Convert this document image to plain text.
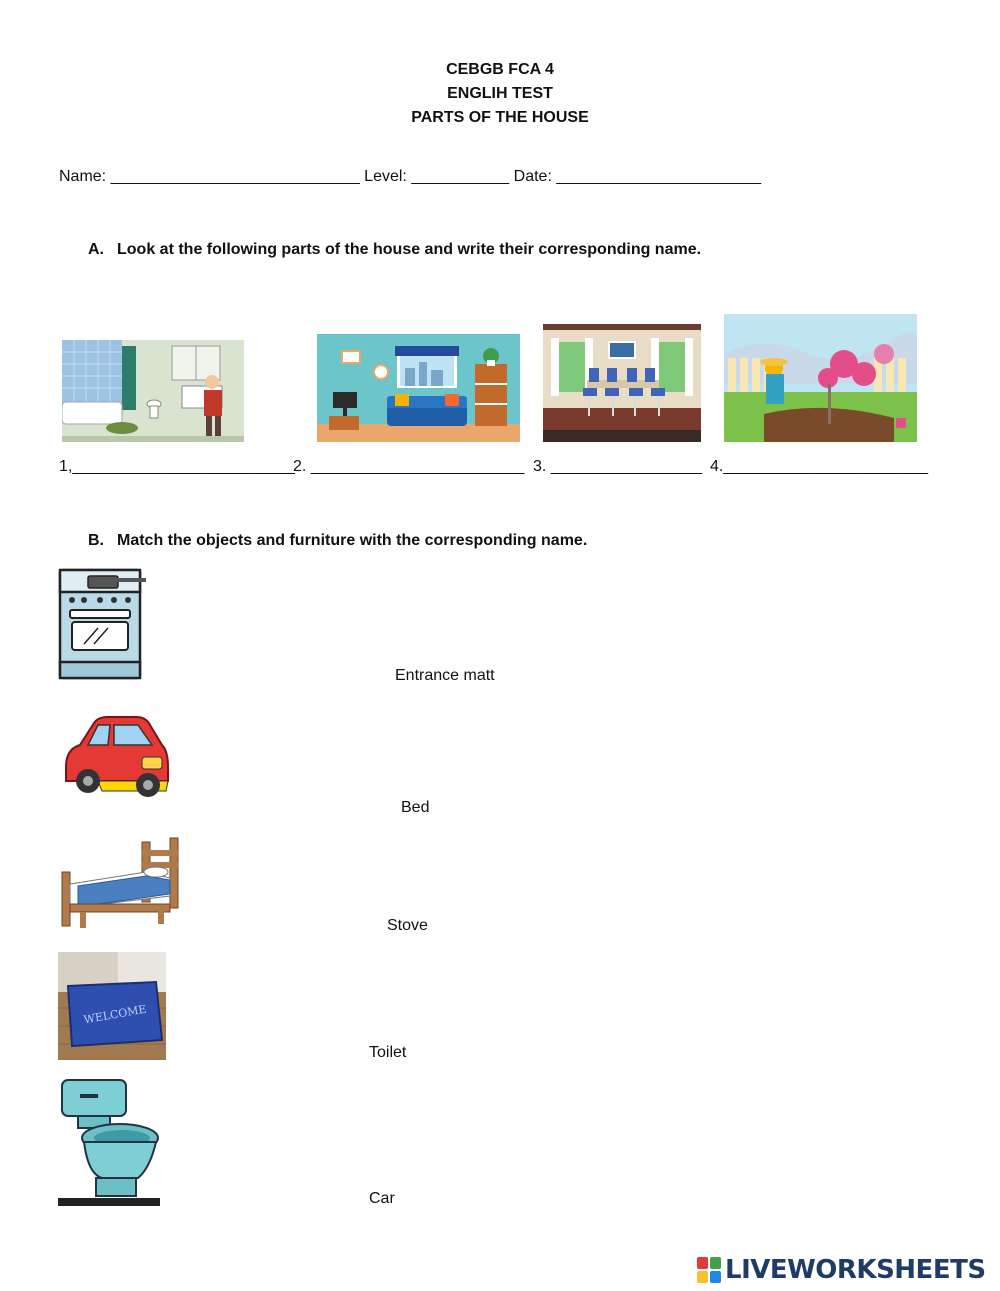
CEBGB FCA 4
ENGLIH TEST
PARTS OF THE HOUSE
Name: ____________________________ Level: ___________ Date: _______________________
A. Look at the following parts of the house and write their corresponding name.
1,_________________________
2. ________________________ 3. _________________ 4._______________________
B. Match the objects and furniture with the corresponding name.
WELCOME
Entrance matt
Bed
Stove
Toilet
Car
LIVEWORKSHEETS
